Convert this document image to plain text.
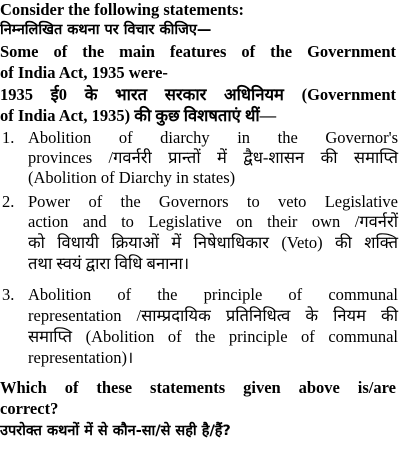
Consider the following statements:
निम्नलिखित कथना पर विचार कीजिए—
Some of the main features of the Government
of India Act, 1935 were-
1935 ई0 के भारत सरकार अधिनियम (Government
of India Act, 1935) की कुछ विशषताएं थीं—
1. Abolition of diarchy in the Governor's
provinces /गवर्नरी प्रान्तों में द्वैध-शासन की समाप्ति
(Abolition of Diarchy in states)
2. Power of the Governors to veto Legislative
action and to Legislative on their own /गवर्नरों
को विधायी क्रियाओं में निषेधाधिकार (Veto) की शक्ति
तथा स्वयं द्वारा विधि बनाना।
3. Abolition of the principle of communal
representation /साम्प्रदायिक प्रतिनिधित्व के नियम की
समाप्ति (Abolition of the principle of communal
representation)।
Which of these statements given above is/are
correct?
उपरोक्त कथनों में से कौन-सा/से सही है/हैं?
